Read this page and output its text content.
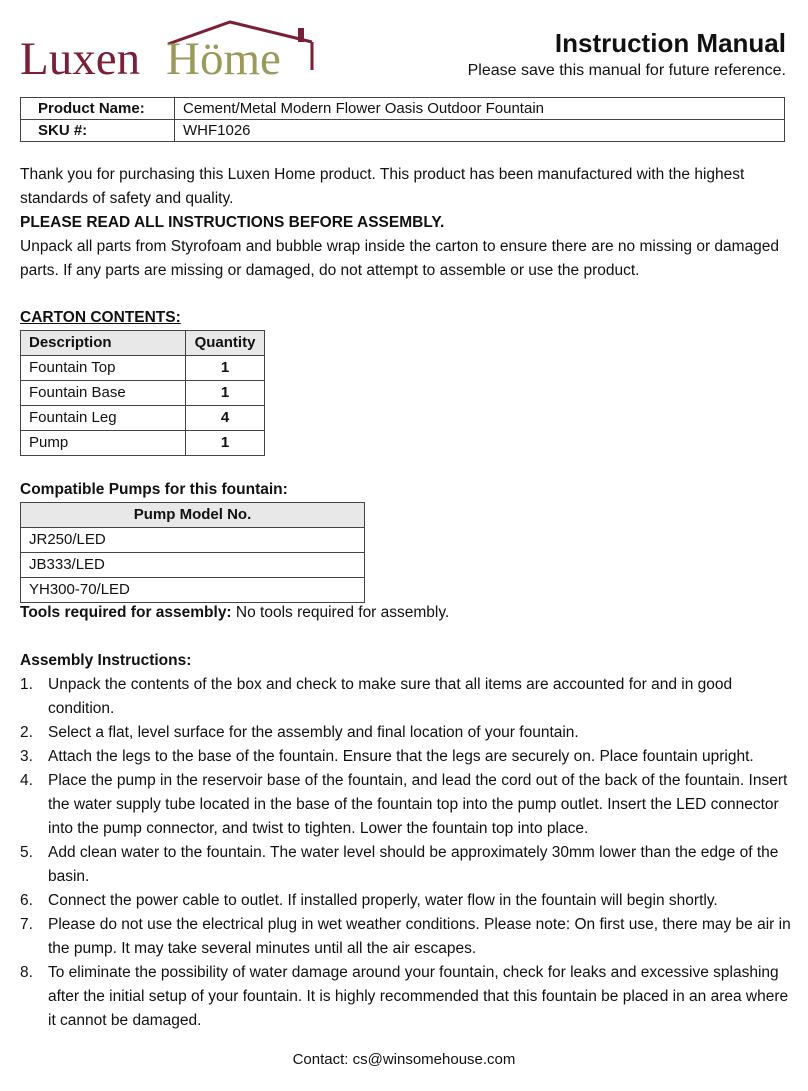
Luxen Höme	Instruction Manual
Please save this manual for future reference.
Product Name:	Cement/Metal Modern Flower Oasis Outdoor Fountain
SKU #:	WHF1026
Thank you for purchasing this Luxen Home product. This product has been manufactured with the highest standards of safety and quality.
PLEASE READ ALL INSTRUCTIONS BEFORE ASSEMBLY.
Unpack all parts from Styrofoam and bubble wrap inside the carton to ensure there are no missing or damaged parts. If any parts are missing or damaged, do not attempt to assemble or use the product.
CARTON CONTENTS:
Description	Quantity
Fountain Top	1
Fountain Base	1
Fountain Leg	4
Pump	1
Compatible Pumps for this fountain:
Pump Model No.
JR250/LED
JB333/LED
YH300-70/LED
Tools required for assembly: No tools required for assembly.
Assembly Instructions:
1. Unpack the contents of the box and check to make sure that all items are accounted for and in good condition.
2. Select a flat, level surface for the assembly and final location of your fountain.
3. Attach the legs to the base of the fountain. Ensure that the legs are securely on. Place fountain upright.
4. Place the pump in the reservoir base of the fountain, and lead the cord out of the back of the fountain. Insert the water supply tube located in the base of the fountain top into the pump outlet. Insert the LED connector into the pump connector, and twist to tighten. Lower the fountain top into place.
5. Add clean water to the fountain. The water level should be approximately 30mm lower than the edge of the basin.
6. Connect the power cable to outlet. If installed properly, water flow in the fountain will begin shortly.
7. Please do not use the electrical plug in wet weather conditions. Please note: On first use, there may be air in the pump. It may take several minutes until all the air escapes.
8. To eliminate the possibility of water damage around your fountain, check for leaks and excessive splashing after the initial setup of your fountain. It is highly recommended that this fountain be placed in an area where it cannot be damaged.
Contact: cs@winsomehouse.com
